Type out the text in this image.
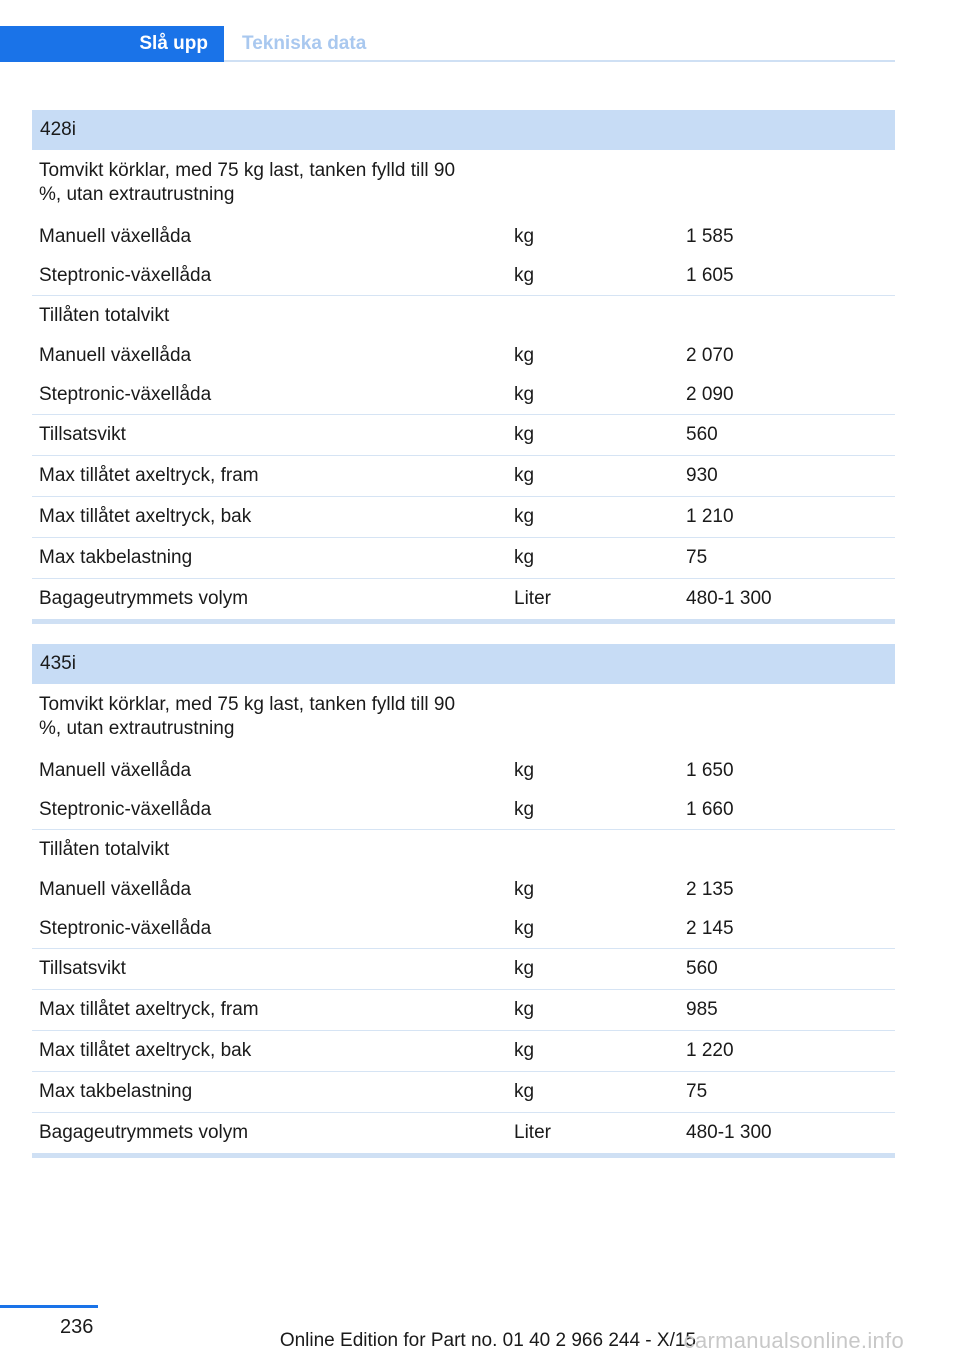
Slå upp	Tekniska data
428i
Tomvikt körklar, med 75 kg last, tanken fylld till 90 %, utan extrautrustning
Manuell växellåda	kg	1 585
Steptronic-växellåda	kg	1 605
Tillåten totalvikt
Manuell växellåda	kg	2 070
Steptronic-växellåda	kg	2 090
Tillsatsvikt	kg	560
Max tillåtet axeltryck, fram	kg	930
Max tillåtet axeltryck, bak	kg	1 210
Max takbelastning	kg	75
Bagageutrymmets volym	Liter	480-1 300
435i
Tomvikt körklar, med 75 kg last, tanken fylld till 90 %, utan extrautrustning
Manuell växellåda	kg	1 650
Steptronic-växellåda	kg	1 660
Tillåten totalvikt
Manuell växellåda	kg	2 135
Steptronic-växellåda	kg	2 145
Tillsatsvikt	kg	560
Max tillåtet axeltryck, fram	kg	985
Max tillåtet axeltryck, bak	kg	1 220
Max takbelastning	kg	75
Bagageutrymmets volym	Liter	480-1 300
236
Online Edition for Part no. 01 40 2 966 244 - X/15
carmanualsonline.info
